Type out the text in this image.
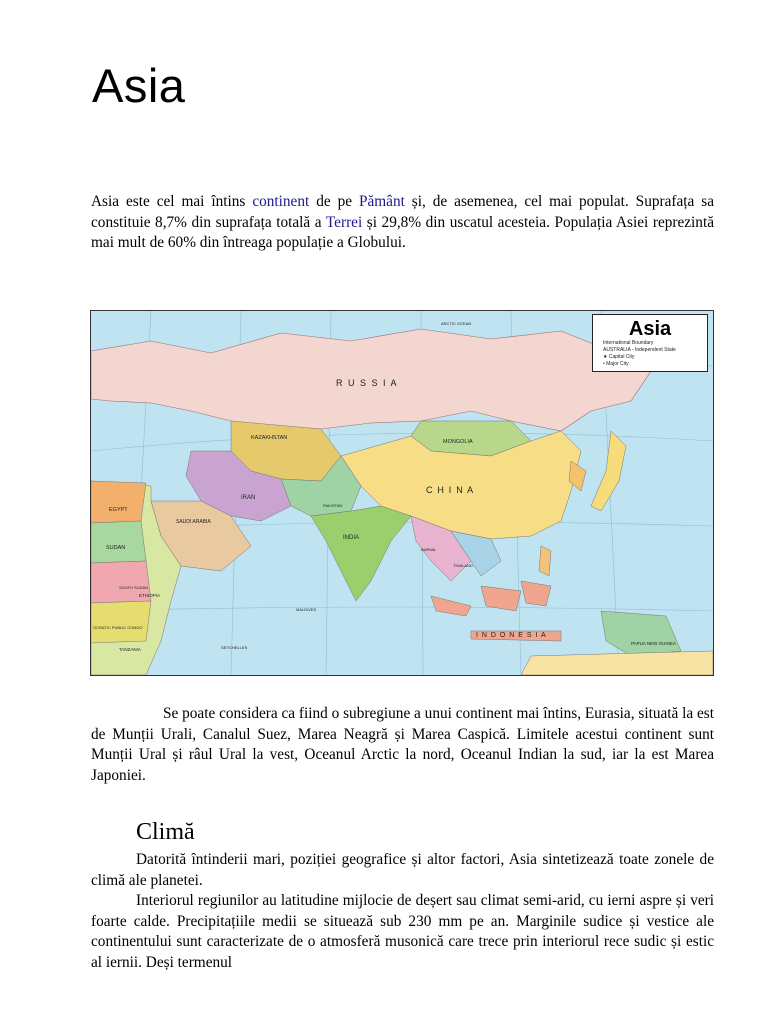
Asia

Asia este cel mai întins continent de pe Pământ și, de asemenea, cel mai populat. Suprafața sa constituie 8,7% din suprafața totală a Terrei și 29,8% din uscatul acesteia. Populația Asiei reprezintă mai mult de 60% din întreaga populație a Globului.

R U S S I A
KAZAKHSTAN
MONGOLIA
C H I N A
INDIA
IRAN
PAKISTAN
EGYPT
SAUDI ARABIA
SUDAN
SOUTH SUDAN
ETHIOPIA
OCRATIC PUBLIC CONGO
TANZANIA
BURMA
THAILAND
MALDIVES
SEYCHELLES
I N D O N E S I A
PAPUA NEW GUINEA
ARCTIC OCEAN	Asia
International Boundary
AUSTRALIA - Independent State
★ Capital City
• Major City

Se poate considera ca fiind o subregiune a unui continent mai întins, Eurasia, situată la est de Munții Urali, Canalul Suez, Marea Neagră și Marea Caspică. Limitele acestui continent sunt Munții Ural și râul Ural la vest, Oceanul Arctic la nord, Oceanul Indian la sud, iar la est Marea Japoniei.

Climă

Datorită întinderii mari, poziției geografice și altor factori, Asia sintetizează toate zonele de climă ale planetei.

Interiorul regiunilor au latitudine mijlocie de deșert sau climat semi-arid, cu ierni aspre și veri foarte calde. Precipitațiile medii se situează sub 230 mm pe an. Marginile sudice și vestice ale continentului sunt caracterizate de o atmosferă musonică care trece prin interiorul rece sudic și estic al iernii. Deși termenul
